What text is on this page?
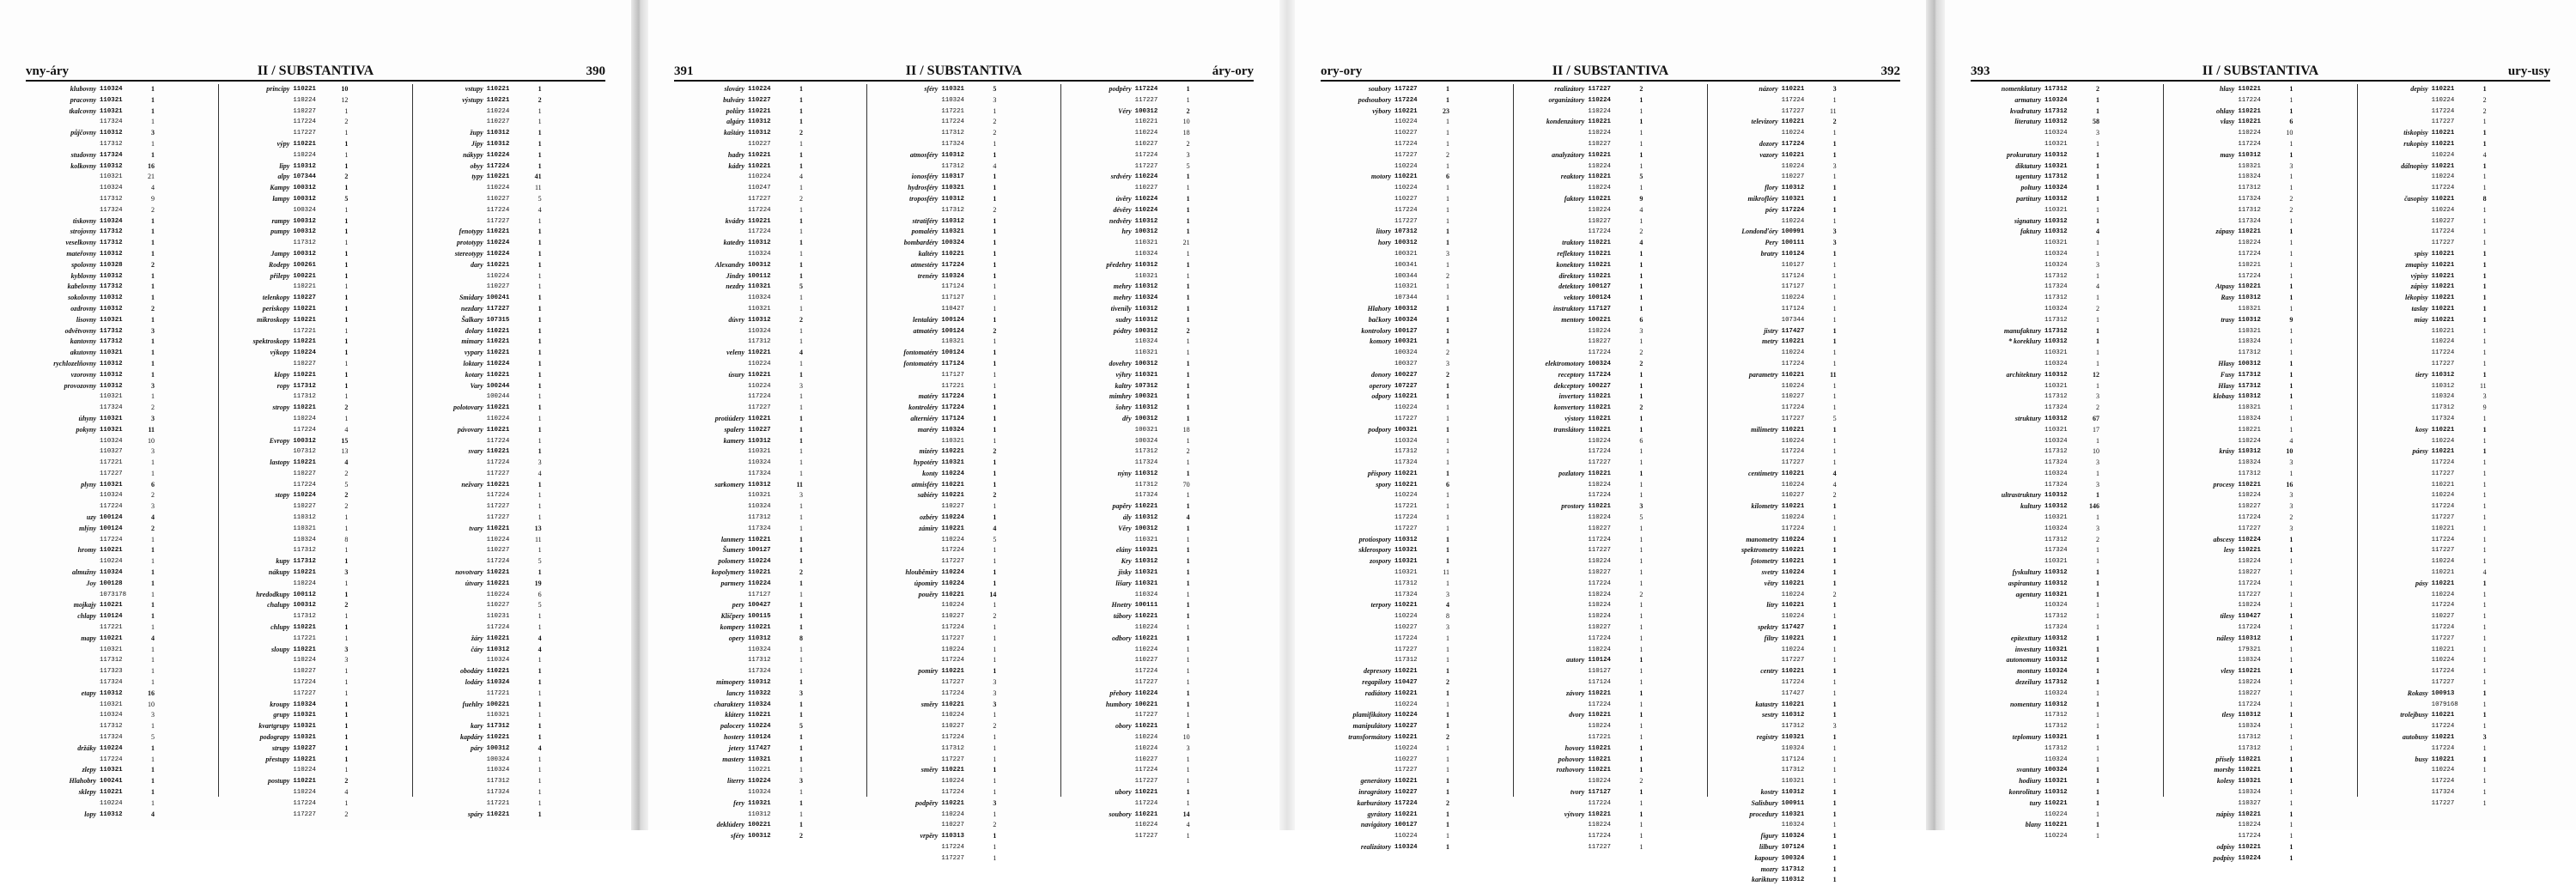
vny-áry	II / SUBSTANTIVA	390
klubovny 110324	1
pracovny 110321	1
tkalcovny 110321	1
117324	1
půjčovny 110312	3
117312	1
studovny 117324	1
kolkovny 110312	16
110321	21
110324	4
117312	9
117324	2
tiskovny 110324	1
strojovny 117312	1
veselkovny 117312	1
mateřovny 110312	1
spolovny 110328	2
kyblovny 110312	1
kabelovny 117312	1
sokolovny 110312	1
ozdrovny 110312	2
lisovny 110321	1
odvětvovny 117312	3
kantovny 117312	1
akutovny 110321	1
rychlozelňovny 110312	1
vzorovny 110312	1
provozovny 110312	3
110321	1
117324	2
úhyny 110321	3
pokyny 110321	11
110324	10
110327	3
117221	1
117227	1
plyny 110321	6
110324	2
117224	3
uzy 100124	4
mlýny 100124	2
117224	1
hromy 110221	1
110224	1
almužny 110324	1
Joy 100128	1
1073178	1
mojkajy 110221	1
chlapy 110124	1
117221	1
mapy 110221	4
110321	1
117312	1
117323	1
117324	1
etapy 110312	16
110321	10
110324	3
117312	1
117324	5
držáky 110224	1
117224	1
zlepy 110321	1
Hlahobry 100241	1
sklepy 110221	1
110224	1
lopy 110312	4
principy 110221	10
110224	12
110227	1
117224	2
117227	1
výpy 110221	1
110224	1
lipy 110312	1
alpy 107344	2
Kampy 100312	1
lampy 100312	5
100324	1
rampy 100312	1
pumpy 100312	1
117312	1
Jampy 100312	1
Rodepy 100261	1
přílepy 100221	1
110221	1
telenkopy 110227	1
periskopy 110221	1
mikroskopy 110221	1
117221	1
spektroskopy 110221	1
výkopy 110224	1
110227	1
klopy 110221	1
ropy 117312	1
117312	1
stropy 110221	2
110224	1
117224	4
Evropy 100312	15
107312	13
lastopy 110221	4
110227	2
117224	5
stopy 110224	2
110227	2
110312	1
110321	1
110324	8
117312	1
kupy 117312	1
nákupy 110221	3
110224	1
hredodkupy 100112	1
chalupy 100312	2
117312	1
chlupy 110221	1
117221	1
sloupy 110221	3
110224	3
110227	1
117224	1
117227	1
kroupy 110324	1
grupy 110321	1
kvartgrupy 110321	1
podograpy 110321	1
strupy 110227	1
přestupy 110221	1
110224	1
postupy 110221	2
110224	4
117224	1
117227	2
vstupy 110221	1
výstupy 110221	2
110224	1
110227	1
župy 110312	1
Jipy 110312	1
nákypy 110224	1
obyy 117224	1
typy 110221	41
110224	11
110227	5
117224	4
117227	1
fenotypy 110221	1
prototypy 110224	1
stereotypy 110224	1
dary 110221	1
110224	1
110227	1
Smidary 100241	1
nezdary 117227	1
Šalkary 107315	1
dolary 110221	1
mimary 110221	1
vypary 110221	1
loktary 110224	1
kotary 110221	1
Vary 100244	1
100244	1
polotovary 110221	1
110224	1
pávovary 110221	1
117224	1
svary 110221	1
117224	3
117227	4
nežvary 110221	1
117224	1
117227	1
117227	1
tvary 110221	13
110224	11
110227	1
117224	5
novotvary 110221	1
útvary 110221	19
110224	6
110227	5
110231	1
117224	1
žáry 110221	4
čáry 110312	4
110324	1
obodáry 110221	1
lodáry 110324	1
117221	1
fuehlry 100221	1
110321	1
kary 117312	1
kapdáry 110221	1
páry 100312	4
100324	1
110324	1
117312	1
117324	1
117221	1
spáry 110221	1
391	II / SUBSTANTIVA	áry-ory
slováry 110224	1
bulváry 110227	1
polůry 110221	1
algáry 110312	1
kaštáry 110312	2
110227	1
hadry 110221	1
kádry 110221	1
110224	4
110247	1
117227	2
117224	1
kvádry 110221	1
117224	1
katedry 110312	1
110324	1
Alexandry 100312	1
Jindry 100112	1
nezdry 110321	5
110324	1
110321	1
dúvry 110312	2
110324	1
117312	1
veleny 110221	4
110224	1
úsury 110221	1
110224	3
117224	1
117227	1
protiúdery 110221	1
spalery 110227	1
kamery 110312	1
110321	1
110324	1
117324	1
sarkomery 110312	11
110321	3
110324	1
117312	1
117324	1
lanmery 110221	1
Šumery 100127	1
polomery 110224	1
kopolymery 110221	2
parmery 110224	1
117127	1
pery 100427	1
Klíčpery 100115	1
kompery 110221	1
opery 110312	8
110324	1
117312	1
117324	1
mimopery 110312	1
lancry 110322	3
charaktery 110324	1
klátery 110221	1
palocery 110224	5
hostery 110124	1
jetery 117427	1
mastery 110321	1
110221	1
literry 110224	3
110324	1
fery 110321	1
110312	1
deklúdery 100221	1
sféry 100312	2
sféry 110321	5
110324	3
117221	1
117224	2
117312	2
117324	1
atmosféry 110312	1
117312	4
ionosféry 110317	1
hydrosféry 110321	1
troposféry 110312	1
117312	2
stratiféry 110312	1
pomaléry 110321	1
bombardéry 100324	1
kaltéry 110221	1
atmestéry 117224	1
trenéry 110324	1
117124	1
117127	1
110427	1
lentaláry 100124	1
atmatéry 100124	2
110321	1
fontomatéry 100124	1
fontomatéry 117124	1
117127	1
117221	1
matéry 117224	1
kontroléry 117224	1
alterniéry 117124	1
maréry 110324	1
110321	1
mizéry 110221	2
hypotéry 110321	1
konty 110224	1
atmisféry 110221	1
sabiéry 110221	2
110227	1
ozbéry 110224	1
zámiry 110221	4
110224	5
117224	1
117227	1
hlouběmiry 110224	1
úpomiry 110224	1
pouěry 110221	14
110224	1
110227	2
117224	1
117227	1
110224	1
117224	1
pomíry 110221	1
117227	3
117224	3
směry 110221	3
110224	1
110227	2
117224	1
117312	1
117227	1
směry 110221	1
110224	1
117224	1
podpěry 110221	3
110224	1
110227	2
vrpěry 110313	1
117224	1
117227	1
podpěry 117224	1
117227	1
Véry 100312	2
110221	10
110224	18
110227	2
117224	3
117227	5
srdvéry 110224	1
110227	1
úvěry 110224	1
dévěry 110224	1
nedvěry 110312	1
hry 100312	1
110321	21
110324	1
předehry 110312	1
110321	1
mehry 110312	1
mehry 110324	1
tivenily 110312	1
sudry 110312	1
pódtry 100312	2
110324	1
110321	1
dovehry 100312	1
výhry 110321	1
kaltry 107312	1
mimhry 100321	1
šohry 110312	1
dřy 100312	1
100321	18
100324	1
117312	2
117324	1
nýny 110312	1
117312	70
117324	1
papěry 110221	1
ály 110312	4
Věry 100312	1
110321	1
elány 110321	1
Kry 110312	1
jisky 110321	1
lišary 110321	1
110324	1
Hnetry 100111	1
tábory 110221	1
110224	1
odbory 110221	1
110224	1
110227	1
117224	1
117227	1
přebory 110224	1
humbory 100221	1
117227	1
obory 110221	1
110224	10
110224	3
110227	1
117224	1
117227	1
ubory 110221	1
117224	1
soubory 110221	14
110224	4
117227	1
ory-ory	II / SUBSTANTIVA	392
soubory 117227	1
podsoubory 117224	1
výbory 110221	23
110224	1
110227	1
117224	1
117227	2
110224	1
motory 110221	6
110224	1
110227	1
117224	1
117227	1
litory 107312	1
hory 100312	1
100321	3
100341	1
100344	2
110321	1
107344	1
Hlahory 100312	1
bačkory 100324	1
kontrolory 100127	1
komory 100321	1
100324	2
100327	3
donory 100227	2
operory 107227	1
odpory 110221	1
110224	1
117227	1
podpory 100321	1
110324	1
117312	1
117324	1
příspory 110221	1
spory 110221	6
110224	1
117221	1
117224	1
117227	1
protiospory 110312	1
sklerospory 110321	1
zospory 110321	1
110321	11
117312	1
117324	3
terpory 110221	4
110224	8
110227	3
117224	1
117227	1
117312	1
depresory 110221	1
regapilory 110427	2
radiátory 110221	1
110224	1
plamifikátory 110224	1
manipulátory 110227	1
transformátory 110221	2
110224	1
110227	1
117227	1
generátory 110221	1
inragrátory 110227	1
karburátory 117224	2
gyrátory 110221	1
navigátory 100127	1
110224	1
realizátory 110324	1
realizátory 117227	2
organizátory 110224	1
110224	1
kondenzátory 110221	1
110224	1
110227	1
analyzátory 110221	1
110224	1
reaktory 110221	5
110224	1
faktory 110221	9
110224	4
110227	1
117224	2
traktory 110221	4
reflektory 110221	1
konektory 110221	1
direktory 110221	1
detektory 100127	1
vektory 100124	1
instruktory 117127	1
mentory 100221	6
110224	3
110227	1
117224	2
elektromotory 100324	2
receptory 117224	1
dekceptory 100227	1
invertory 110221	1
konvertory 110221	2
výstory 110221	1
translátory 110221	1
110224	6
117224	1
117227	1
pozlatory 110221	1
110224	1
117224	1
prostory 110221	3
110224	5
110227	1
117224	1
117227	1
110224	1
110227	1
117224	1
110224	2
110224	1
110224	1
110227	1
117224	1
110224	1
autory 110124	1
110127	1
117124	1
závory 110221	1
117224	1
dvory 110221	1
110224	1
117221	1
hovory 110221	1
pohovory 110221	1
rozhovory 110221	1
110224	2
tvory 117127	1
117224	1
výtvory 110221	1
110224	1
117224	1
117227	1
názory 110221	3
117224	1
117227	11
televizory 110221	2
110224	1
dozory 117224	1
vazory 110221	1
110224	3
110227	1
flory 110312	1
mikroflóry 110321	1
póry 117224	1
110224	1
Londonďóry 100991	3
Pery 100111	3
bratry 110124	1
110127	1
117124	1
117127	1
110224	1
117124	1
107344	1
jistry 117427	1
metry 110221	1
110224	1
117224	1
parametry 110221	11
110224	1
110227	1
117224	1
117227	5
milimetry 110221	1
110224	1
117224	1
117227	1
centimetry 110221	4
110224	4
110227	2
kilometry 110221	1
110224	1
117224	1
manometry 110224	1
spektrometry 110221	1
fotometry 110221	1
svetry 110224	1
větry 110221	1
110224	2
lítry 110221	1
110224	1
spektry 117427	1
filtry 110221	1
110224	1
117227	1
centry 110221	1
117224	1
117427	1
katastry 110221	1
sestry 110312	1
117312	3
registry 110321	1
110324	1
117124	1
117312	1
110321	1
kostry 110312	1
Salisbury 100911	1
procedury 110321	1
110324	1
figury 110324	1
lilbury 107124	1
kapoury 100324	1
mozry 117312	1
kariktury 110312	1
393	II / SUBSTANTIVA	ury-usy
nomenklatury 117312	2
armatury 110324	1
kvadratury 117312	1
literatury 110312	58
110324	3
110321	1
prokuratury 110312	1
diktatury 110321	1
ugentury 117312	1
poltury 110324	1
partitury 110312	1
110321	1
signatury 110312	1
faktury 110312	4
110321	1
110324	1
110324	3
117312	1
117324	4
117312	1
110324	2
117312	1
manufaktury 117312	1
* koreklury 110312	1
110321	1
110324	1
architektury 110312	12
110321	1
117312	3
117324	2
struktury 110312	67
110321	17
110324	1
117312	10
117324	3
110324	1
117324	3
ultrastruktury 110312	1
kultury 110312	146
110321	1
110324	3
117312	2
117324	1
110321	1
fyskultury 110312	1
aspirantury 110312	1
agentury 110321	1
110324	1
117312	1
117324	1
epitexttury 110312	1
investury 110321	1
autonomury 110312	1
montury 110324	1
dezeilury 117312	1
110324	1
nomentury 110312	1
117312	1
117312	1
teplomury 110321	1
117312	1
110324	1
svantury 100324	1
hodiury 110321	1
konrolitury 110312	1
tury 110221	1
110224	1
blany 110221	1
110224	1
hlasy 110221	1
117224	1
ohlasy 110221	1
vlasy 110221	6
110224	10
117224	1
masy 110312	1
110321	3
110324	1
117312	1
117324	2
117312	2
117324	1
zápasy 110221	1
110224	1
117224	1
110221	1
117224	1
Atpasy 110221	1
Rasy 110312	1
110321	1
trasy 110312	9
110321	1
110324	1
117312	1
Hlasy 100312	1
Fusy 117312	1
Hlasy 117312	1
klobasy 110312	1
110321	1
110324	1
110221	1
110224	4
krásy 110312	10
110324	3
117312	1
procesy 110221	16
110224	3
110227	3
117224	2
117227	3
abscesy 110224	1
lesy 110221	1
110224	1
110227	1
117224	1
117227	1
110224	1
tilesy 110427	1
117224	1
nálesy 110312	1
179321	1
110324	1
vlesy 110221	1
110224	1
110227	1
117224	1
tlesy 110312	1
110324	1
117312	1
117312	1
přísely 110221	1
morsby 110221	1
kolesy 110321	1
110324	1
110327	1
nápisy 110221	1
110224	1
117224	1
odpisy 110221	1
podpisy 110224	1
depisy 110221	1
110224	2
117224	2
117227	1
tiskopisy 110221	1
rukopisy 110221	1
110224	4
dálnopisy 110221	1
110224	1
117224	1
časopisy 110221	8
110224	1
110227	1
117224	1
117227	1
spisy 110221	1
zmapisy 110221	1
výpisy 110221	1
zápisy 110221	1
lékopisy 110221	1
taslay 110221	1
míay 110221	1
110221	1
110224	1
117224	1
117227	1
tiery 110312	1
110312	11
110324	3
117312	9
117324	1
kosy 110221	1
110224	1
páesy 110221	1
117224	1
117227	1
110221	1
110224	1
117224	1
117227	1
110221	1
117224	1
117227	1
110224	1
110221	4
pásy 110221	1
110224	1
117224	1
110227	1
117224	1
117227	1
110221	1
110224	1
117224	1
117227	1
Rokasy 100913	1
1079168	1
trolejbusy 110221	1
117224	1
autobusy 110221	3
117224	1
busy 110221	1
110224	1
117224	1
117324	1
117227	1
